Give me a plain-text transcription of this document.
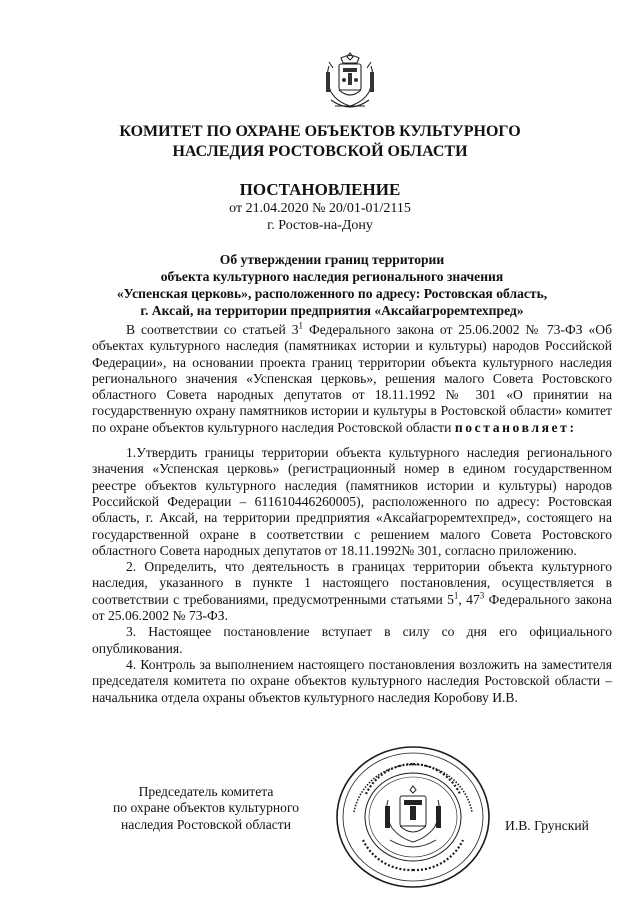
КОМИТЕТ ПО ОХРАНЕ ОБЪЕКТОВ КУЛЬТУРНОГО
НАСЛЕДИЯ РОСТОВСКОЙ ОБЛАСТИ
ПОСТАНОВЛЕНИЕ
от 21.04.2020 № 20/01-01/2115
г. Ростов-на-Дону
Об утверждении границ территории
объекта культурного наследия регионального значения
«Успенская церковь», расположенного по адресу: Ростовская область,
г. Аксай, на территории предприятия «Аксайагроремтехпред»

В соответствии со статьей $3^1$ Федерального закона от 25.06.2002 № 73-ФЗ «Об объектах культурного наследия (памятниках истории и культуры) народов Российской Федерации», на основании проекта границ территории объекта культурного наследия регионального значения «Успенская церковь», решения малого Совета Ростовского областного Совета народных депутатов от 18.11.1992 № 301 «О принятии на государственную охрану памятников истории и культуры в Ростовской области» комитет по охране объектов культурного наследия Ростовской области постановляет:

1.Утвердить границы территории объекта культурного наследия регионального значения «Успенская церковь» (регистрационный номер в едином государственном реестре объектов культурного наследия (памятников истории и культуры) народов Российской Федерации – 611610446260005), расположенного по адресу: Ростовская область, г. Аксай, на территории предприятия «Аксайагроремтехпред», состоящего на государственной охране в соответствии с решением малого Совета Ростовского областного Совета народных депутатов от 18.11.1992№ 301, согласно приложению.

2. Определить, что деятельность в границах территории объекта культурного наследия, указанного в пункте 1 настоящего постановления, осуществляется в соответствии с требованиями, предусмотренными статьями $5^1$, $47^3$ Федерального закона от 25.06.2002 № 73-ФЗ.

3. Настоящее постановление вступает в силу со дня его официального опубликования.

4. Контроль за выполнением настоящего постановления возложить на заместителя председателя комитета по охране объектов культурного наследия Ростовской области – начальника отдела охраны объектов культурного наследия Коробову И.В.

Председатель комитета
по охране объектов культурного
наследия Ростовской области	И.В. Грунский
